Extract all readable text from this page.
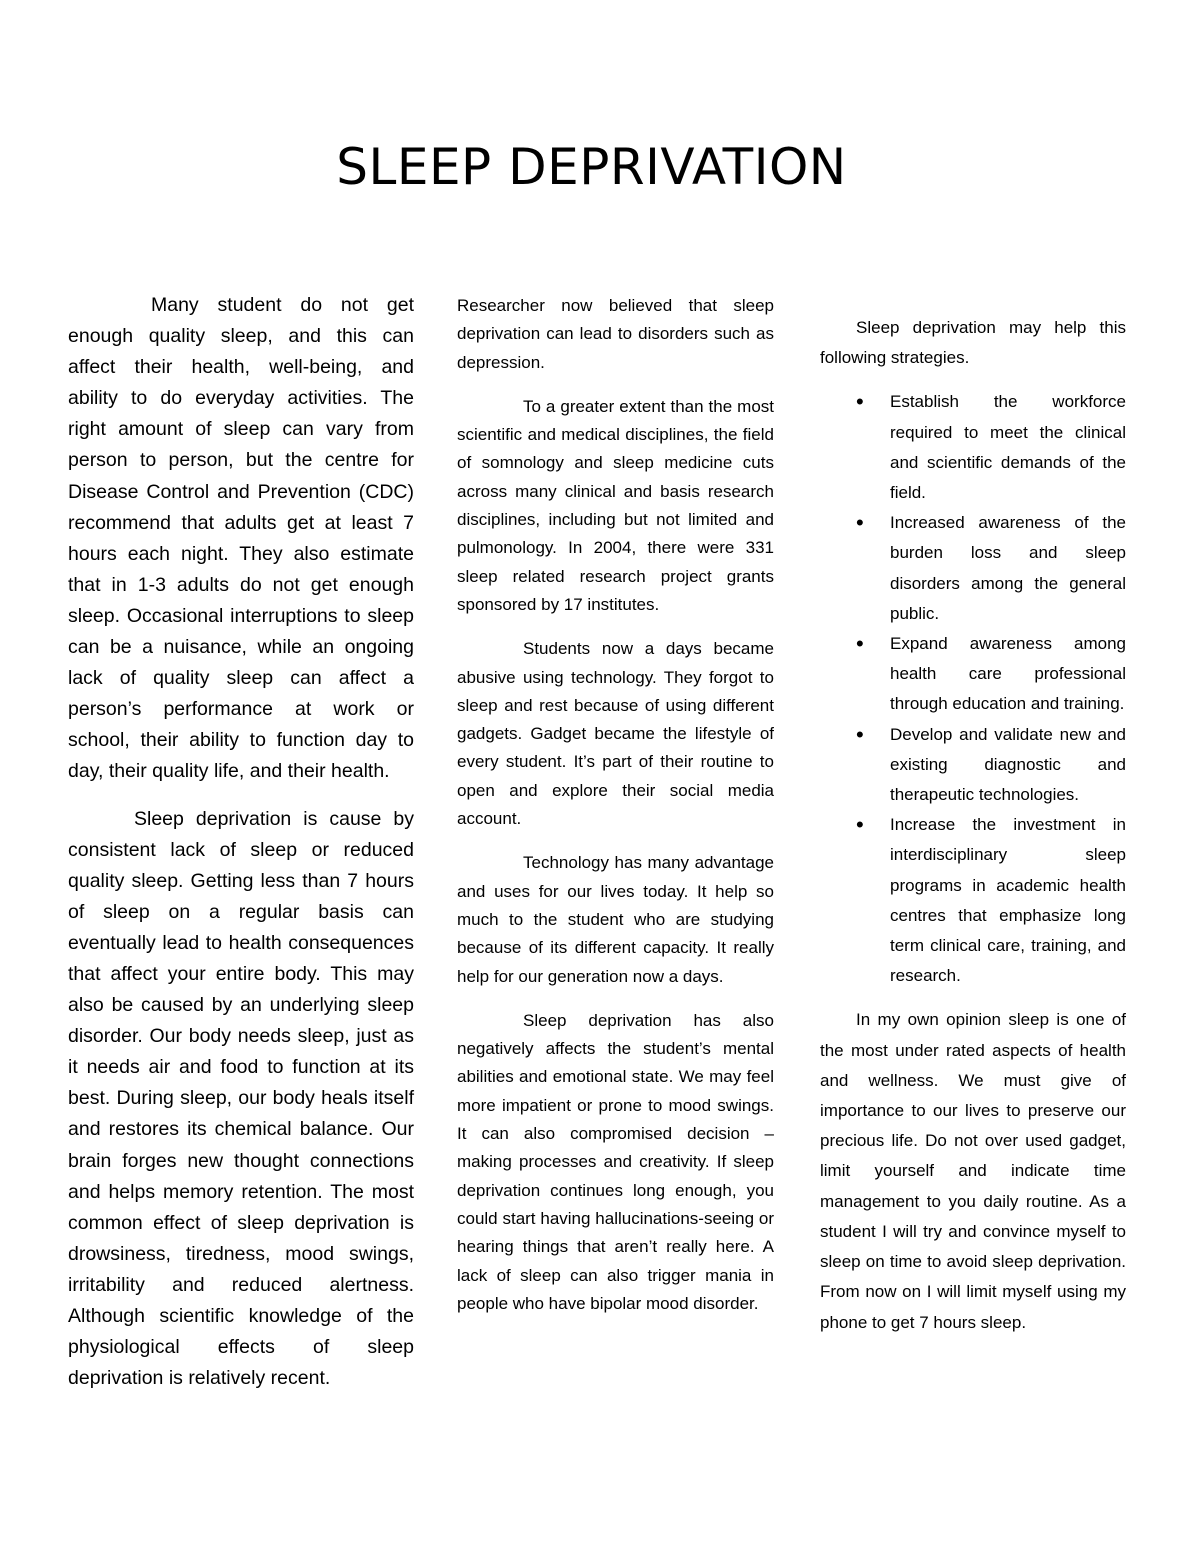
SLEEP DEPRIVATION

Many student do not get enough quality sleep, and this can affect their health, well-being, and ability to do everyday activities. The right amount of sleep can vary from person to person, but the centre for Disease Control and Prevention (CDC) recommend that adults get at least 7 hours each night. They also estimate that in 1-3 adults do not get enough sleep. Occasional interruptions to sleep can be a nuisance, while an ongoing lack of quality sleep can affect a person’s performance at work or school, their ability to function day to day, their quality life, and their health.

Sleep deprivation is cause by consistent lack of sleep or reduced quality sleep. Getting less than 7 hours of sleep on a regular basis can eventually lead to health consequences that affect your entire body. This may also be caused by an underlying sleep disorder. Our body needs sleep, just as it needs air and food to function at its best. During sleep, our body heals itself and restores its chemical balance. Our brain forges new thought connections and helps memory retention. The most common effect of sleep deprivation is drowsiness, tiredness, mood swings, irritability and reduced alertness. Although scientific knowledge of the physiological effects of sleep deprivation is relatively recent.

Researcher now believed that sleep deprivation can lead to disorders such as depression.

To a greater extent than the most scientific and medical disciplines, the field of somnology and sleep medicine cuts across many clinical and basis research disciplines, including but not limited and pulmonology. In 2004, there were 331 sleep related research project grants sponsored by 17 institutes.

Students now a days became abusive using technology. They forgot to sleep and rest because of using different gadgets. Gadget became the lifestyle of every student. It’s part of their routine to open and explore their social media account.

Technology has many advantage and uses for our lives today. It help so much to the student who are studying because of its different capacity. It really help for our generation now a days.

Sleep deprivation has also negatively affects the student’s mental abilities and emotional state. We may feel more impatient or prone to mood swings. It can also compromised decision – making processes and creativity. If sleep deprivation continues long enough, you could start having hallucinations-seeing or hearing things that aren’t really here. A lack of sleep can also trigger mania in people who have bipolar mood disorder.

Sleep deprivation may help this following strategies.

• Establish the workforce required to meet the clinical and scientific demands of the field.
• Increased awareness of the burden loss and sleep disorders among the general public.
• Expand awareness among health care professional through education and training.
• Develop and validate new and existing diagnostic and therapeutic technologies.
• Increase the investment in interdisciplinary sleep programs in academic health centres that emphasize long term clinical care, training, and research.

In my own opinion sleep is one of the most under rated aspects of health and wellness. We must give of importance to our lives to preserve our precious life. Do not over used gadget, limit yourself and indicate time management to you daily routine. As a student I will try and convince myself to sleep on time to avoid sleep deprivation. From now on I will limit myself using my phone to get 7 hours sleep.
